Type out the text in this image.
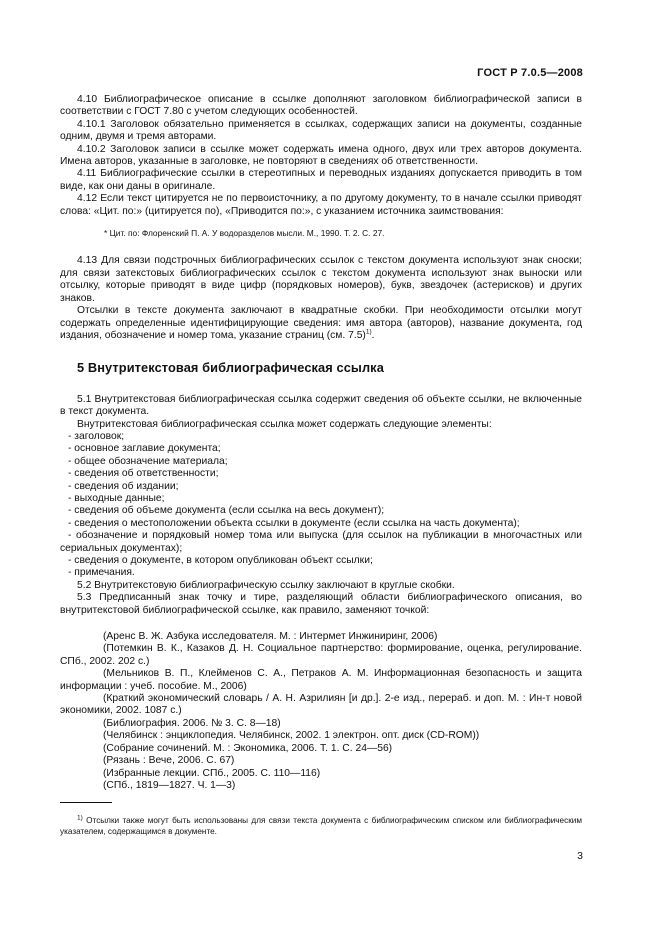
ГОСТ Р 7.0.5—2008

4.10 Библиографическое описание в ссылке дополняют заголовком библиографической записи в соответствии с ГОСТ 7.80 с учетом следующих особенностей.

4.10.1 Заголовок обязательно применяется в ссылках, содержащих записи на документы, созданные одним, двумя и тремя авторами.

4.10.2 Заголовок записи в ссылке может содержать имена одного, двух или трех авторов документа. Имена авторов, указанные в заголовке, не повторяют в сведениях об ответственности.

4.11 Библиографические ссылки в стереотипных и переводных изданиях допускается приводить в том виде, как они даны в оригинале.

4.12 Если текст цитируется не по первоисточнику, а по другому документу, то в начале ссылки приводят слова: «Цит. по:» (цитируется по), «Приводится по:», с указанием источника заимствования:

* Цит. по: Флоренский П. А. У водоразделов мысли. М., 1990. Т. 2. С. 27.

4.13 Для связи подстрочных библиографических ссылок с текстом документа используют знак сноски; для связи затекстовых библиографических ссылок с текстом документа используют знак выноски или отсылку, которые приводят в виде цифр (порядковых номеров), букв, звездочек (астерисков) и других знаков.

Отсылки в тексте документа заключают в квадратные скобки. При необходимости отсылки могут содержать определенные идентифицирующие сведения: имя автора (авторов), название документа, год издания, обозначение и номер тома, указание страниц (см. 7.5)$^{1)}$.

5 Внутритекстовая библиографическая ссылка

5.1 Внутритекстовая библиографическая ссылка содержит сведения об объекте ссылки, не включенные в текст документа.

Внутритекстовая библиографическая ссылка может содержать следующие элементы:

- заголовок;
- основное заглавие документа;
- общее обозначение материала;
- сведения об ответственности;
- сведения об издании;
- выходные данные;
- сведения об объеме документа (если ссылка на весь документ);
- сведения о местоположении объекта ссылки в документе (если ссылка на часть документа);
- обозначение и порядковый номер тома или выпуска (для ссылок на публикации в многочастных или сериальных документах);
- сведения о документе, в котором опубликован объект ссылки;
- примечания.

5.2 Внутритекстовую библиографическую ссылку заключают в круглые скобки.

5.3 Предписанный знак точку и тире, разделяющий области библиографического описания, во внутритекстовой библиографической ссылке, как правило, заменяют точкой:

(Аренс В. Ж. Азбука исследователя. М. : Интермет Инжиниринг, 2006)

(Потемкин В. К., Казаков Д. Н. Социальное партнерство: формирование, оценка, регулирование. СПб., 2002. 202 с.)

(Мельников В. П., Клейменов С. А., Петраков А. М. Информационная безопасность и защита информации : учеб. пособие. М., 2006)

(Краткий экономический словарь / А. Н. Азрилиян [и др.]. 2-е изд., перераб. и доп. М. : Ин-т новой экономики, 2002. 1087 с.)

(Библиография. 2006. № 3. С. 8—18)

(Челябинск : энциклопедия. Челябинск, 2002. 1 электрон. опт. диск (CD-ROM))

(Собрание сочинений. М. : Экономика, 2006. Т. 1. С. 24—56)

(Рязань : Вече, 2006. С. 67)

(Избранные лекции. СПб., 2005. С. 110—116)

(СПб., 1819—1827. Ч. 1—3)

$^{1)}$ Отсылки также могут быть использованы для связи текста документа с библиографическим списком или библиографическим указателем, содержащимся в документе.

3
